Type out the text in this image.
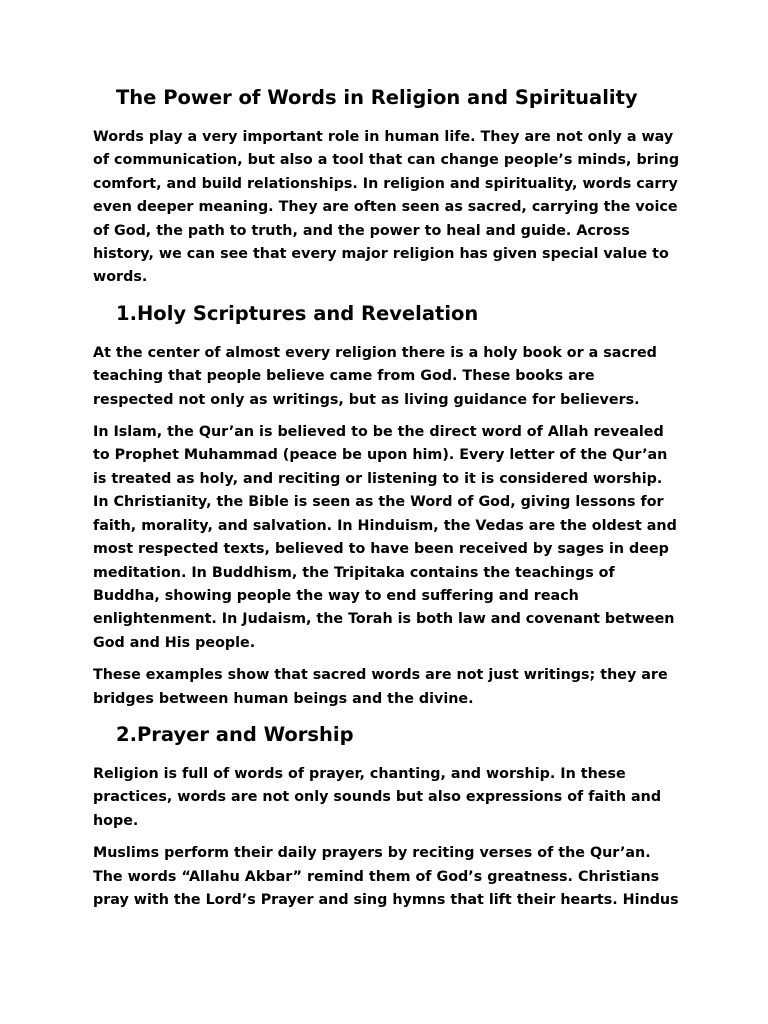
The Power of Words in Religion and Spirituality

Words play a very important role in human life. They are not only a way
of communication, but also a tool that can change people’s minds, bring
comfort, and build relationships. In religion and spirituality, words carry
even deeper meaning. They are often seen as sacred, carrying the voice
of God, the path to truth, and the power to heal and guide. Across
history, we can see that every major religion has given special value to
words.

1.Holy Scriptures and Revelation

At the center of almost every religion there is a holy book or a sacred
teaching that people believe came from God. These books are
respected not only as writings, but as living guidance for believers.

In Islam, the Qur’an is believed to be the direct word of Allah revealed
to Prophet Muhammad (peace be upon him). Every letter of the Qur’an
is treated as holy, and reciting or listening to it is considered worship.
In Christianity, the Bible is seen as the Word of God, giving lessons for
faith, morality, and salvation. In Hinduism, the Vedas are the oldest and
most respected texts, believed to have been received by sages in deep
meditation. In Buddhism, the Tripitaka contains the teachings of
Buddha, showing people the way to end suffering and reach
enlightenment. In Judaism, the Torah is both law and covenant between
God and His people.

These examples show that sacred words are not just writings; they are
bridges between human beings and the divine.

2.Prayer and Worship

Religion is full of words of prayer, chanting, and worship. In these
practices, words are not only sounds but also expressions of faith and
hope.

Muslims perform their daily prayers by reciting verses of the Qur’an.
The words “Allahu Akbar” remind them of God’s greatness. Christians
pray with the Lord’s Prayer and sing hymns that lift their hearts. Hindus
